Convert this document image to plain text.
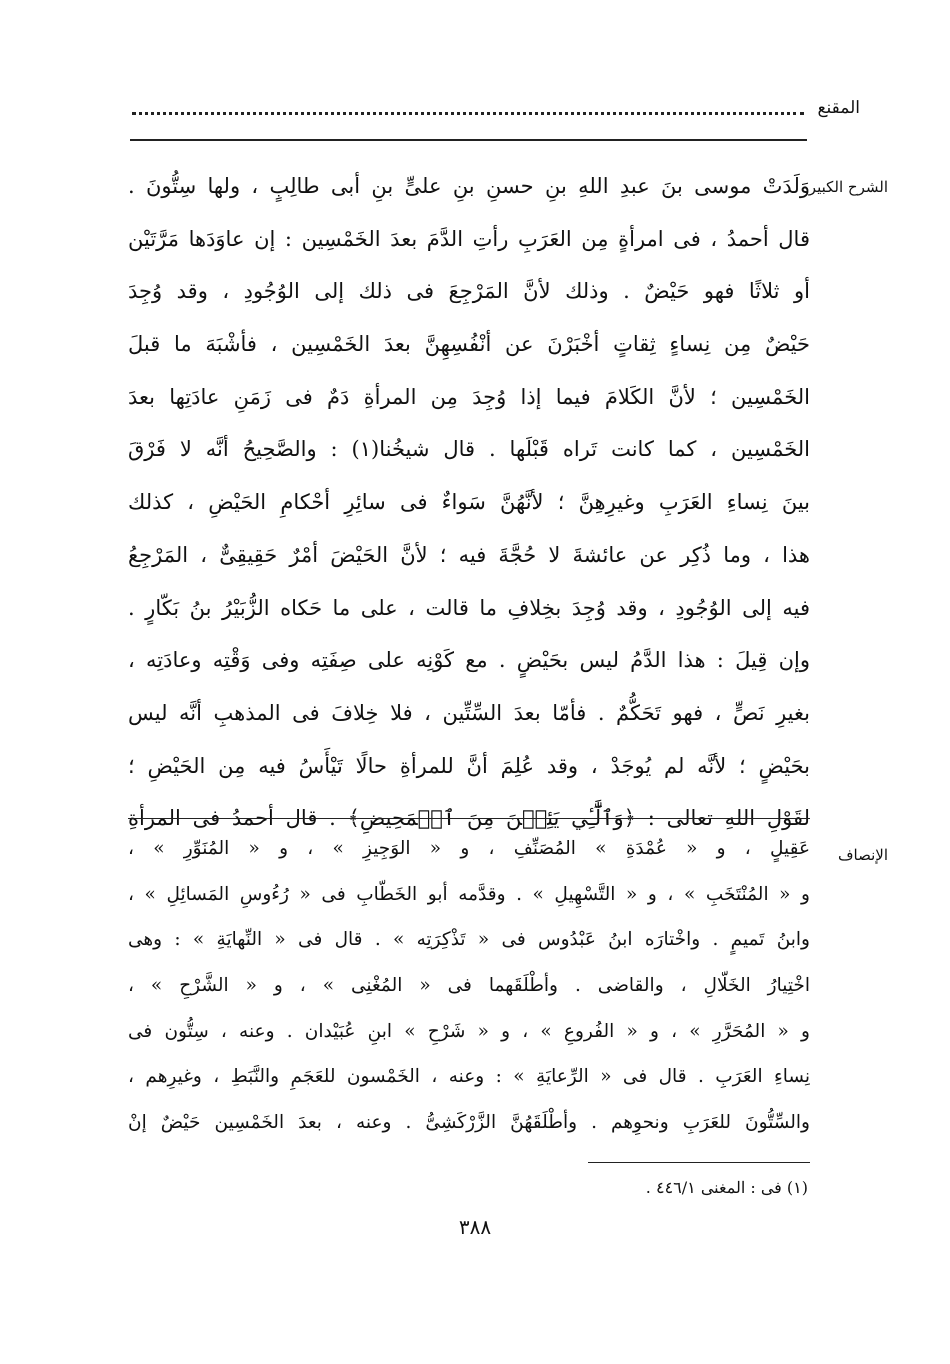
المقنع
الشرح الكبير
وَلَدَتْ موسى بنَ عبدِ اللهِ بنِ حسنِ بنِ علىٍّ بنِ أبى طالِبٍ ، ولها سِتُّونَ .
قال أحمدُ ، فى امرأةٍ مِن العَرَبِ رأتِ الدَّمَ بعدَ الخَمْسِين : إن عاوَدَها مَرَّتَيْن
أو ثلاثًا فهو حَيْضٌ . وذلك لأنَّ المَرْجِعَ فى ذلك إلى الوُجُودِ ، وقد وُجِدَ
حَيْضٌ مِن نِساءٍ ثِقاتٍ أخْبَرْنَ عن أنْفُسِهِنَّ بعدَ الخَمْسِين ، فأشْبَهَ ما قبلَ
الخَمْسِين ؛ لأنَّ الكَلامَ فيما إذا وُجِدَ مِن المرأةِ دَمٌ فى زَمَنِ عادَتِها بعدَ
الخَمْسِين ، كما كانت تَراه قَبْلَها . قال شيخُنا(١) : والصَّحِيحُ أنَّه لا فَرْقَ
بينَ نِساءِ العَرَبِ وغيرِهِنَّ ؛ لأنَّهُنَّ سَواءٌ فى سائِرِ أحْكامِ الحَيْضِ ، كذلك
هذا ، وما ذُكِر عن عائشةَ لا حُجَّةَ فيه ؛ لأنَّ الحَيْضَ أمْرٌ حَقِيقِىٌّ ، المَرْجِعُ
فيه إلى الوُجُودِ ، وقد وُجِدَ بخِلافِ ما قالت ، على ما حَكاه الزُّبَيْرُ بنُ بَكّارٍ .
وإن قِيلَ : هذا الدَّمُ ليس بحَيْضٍ . مع كَوْنِه على صِفَتِه وفى وَقْتِه وعادَتِه ،
بغيرِ نَصٍّ ، فهو تَحَكُّمٌ . فأمّا بعدَ السِّتِّين ، فلا خِلافَ فى المذهبِ أنَّه ليس
بحَيْضٍ ؛ لأنَّه لم يُوجَدْ ، وقد عُلِمَ أنَّ للمرأةِ حالًا تَيْأَسُ فيه مِن الحَيْضِ ؛
لقَوْلِ اللهِ تعالى : ﴿وَٱلَّٰٓـِٔي يَئِسۡنَ مِنَ ٱلۡمَحِيضِ﴾ . قال أحمدُ فى المرأةِ
الإنصاف
عَقِيلٍ ، و « عُمْدَةِ » المُصَنِّفِ ، و « الوَجِيزِ » ، و « المُنَوِّرِ » ،
و « المُنْتَخَبِ » ، و « التَّسْهِيلِ » . وقدَّمه أبو الخَطّابِ فى « رُءُوسِ المَسائِلِ » ،
وابنُ تَميمٍ . واخْتارَه ابنُ عَبْدُوس فى « تَذْكِرَتِه » . قال فى « النِّهايَةِ » : وهى
اخْتِيارُ الخَلّالِ ، والقاضى . وأطْلَقَهما فى « المُغْنِى » ، و « الشَّرْحِ » ،
و « المُحَرَّرِ » ، و « الفُروعِ » ، و « شَرْحِ » ابنِ عُبَيْدان . وعنه ، سِتُّون فى
نِساءِ العَرَبِ . قال فى « الرِّعايَةِ » : وعنه ، الخَمْسون للعَجَمِ والنَّبَطِ ، وغيرِهم ،
والسِّتُّونَ للعَرَبِ ونحوِهم . وأطْلَقَهُنَّ الزَّرْكَشِىُّ . وعنه ، بعدَ الخَمْسِين حَيْضٌ إنْ
(١) فى : المغنى ٤٤٦/١ .
٣٨٨
